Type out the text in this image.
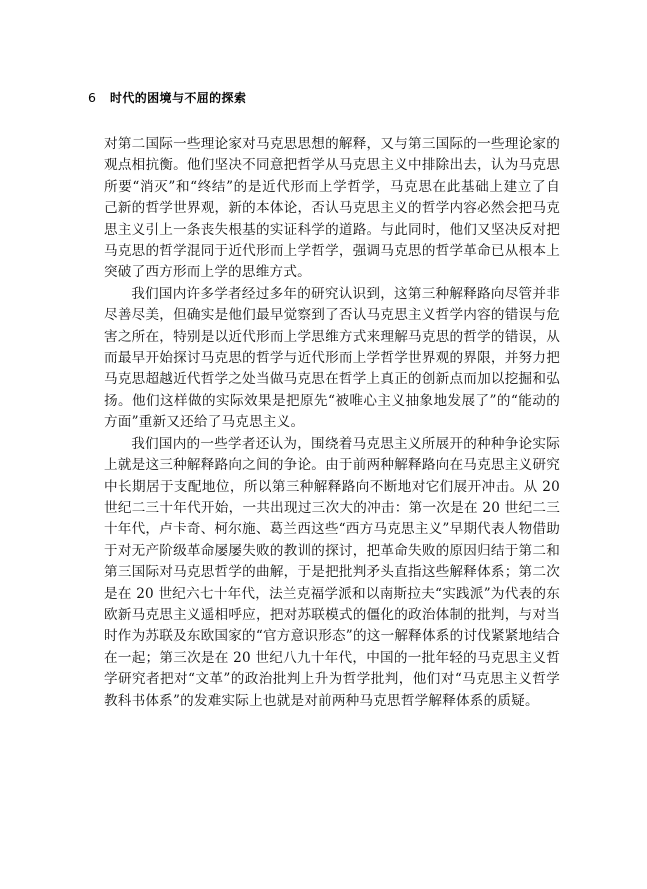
6 时代的困境与不屈的探索

对第二国际一些理论家对马克思思想的解释，又与第三国际的一些理论家的观点相抗衡。他们坚决不同意把哲学从马克思主义中排除出去，认为马克思所要“消灭”和“终结”的是近代形而上学哲学，马克思在此基础上建立了自己新的哲学世界观，新的本体论，否认马克思主义的哲学内容必然会把马克思主义引上一条丧失根基的实证科学的道路。与此同时，他们又坚决反对把马克思的哲学混同于近代形而上学哲学，强调马克思的哲学革命已从根本上突破了西方形而上学的思维方式。

我们国内许多学者经过多年的研究认识到，这第三种解释路向尽管并非尽善尽美，但确实是他们最早觉察到了否认马克思主义哲学内容的错误与危害之所在，特别是以近代形而上学思维方式来理解马克思的哲学的错误，从而最早开始探讨马克思的哲学与近代形而上学哲学世界观的界限，并努力把马克思超越近代哲学之处当做马克思在哲学上真正的创新点而加以挖掘和弘扬。他们这样做的实际效果是把原先“被唯心主义抽象地发展了”的“能动的方面”重新又还给了马克思主义。

我们国内的一些学者还认为，围绕着马克思主义所展开的种种争论实际上就是这三种解释路向之间的争论。由于前两种解释路向在马克思主义研究中长期居于支配地位，所以第三种解释路向不断地对它们展开冲击。从 20 世纪二三十年代开始，一共出现过三次大的冲击：第一次是在 20 世纪二三十年代，卢卡奇、柯尔施、葛兰西这些“西方马克思主义”早期代表人物借助于对无产阶级革命屡屡失败的教训的探讨，把革命失败的原因归结于第二和第三国际对马克思哲学的曲解，于是把批判矛头直指这些解释体系；第二次是在 20 世纪六七十年代，法兰克福学派和以南斯拉夫“实践派”为代表的东欧新马克思主义遥相呼应，把对苏联模式的僵化的政治体制的批判，与对当时作为苏联及东欧国家的“官方意识形态”的这一解释体系的讨伐紧紧地结合在一起；第三次是在 20 世纪八九十年代，中国的一批年轻的马克思主义哲学研究者把对“文革”的政治批判上升为哲学批判，他们对“马克思主义哲学教科书体系”的发难实际上也就是对前两种马克思哲学解释体系的质疑。
